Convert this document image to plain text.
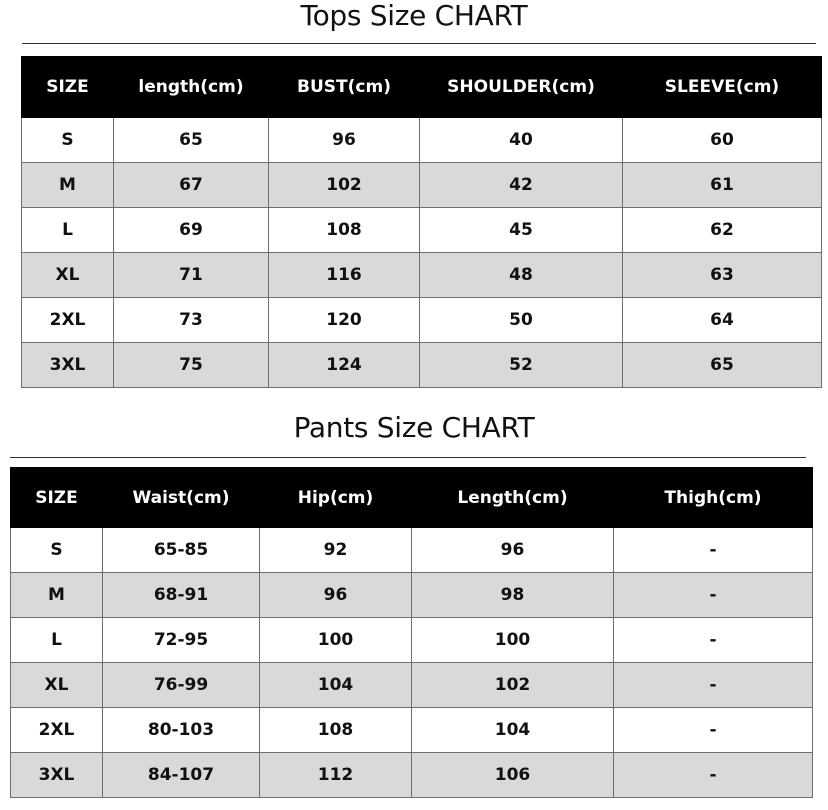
Tops Size CHART
SIZE	length(cm)	BUST(cm)	SHOULDER(cm)	SLEEVE(cm)
S	65	96	40	60
M	67	102	42	61
L	69	108	45	62
XL	71	116	48	63
2XL	73	120	50	64
3XL	75	124	52	65
Pants Size CHART
SIZE	Waist(cm)	Hip(cm)	Length(cm)	Thigh(cm)
S	65-85	92	96	-
M	68-91	96	98	-
L	72-95	100	100	-
XL	76-99	104	102	-
2XL	80-103	108	104	-
3XL	84-107	112	106	-
